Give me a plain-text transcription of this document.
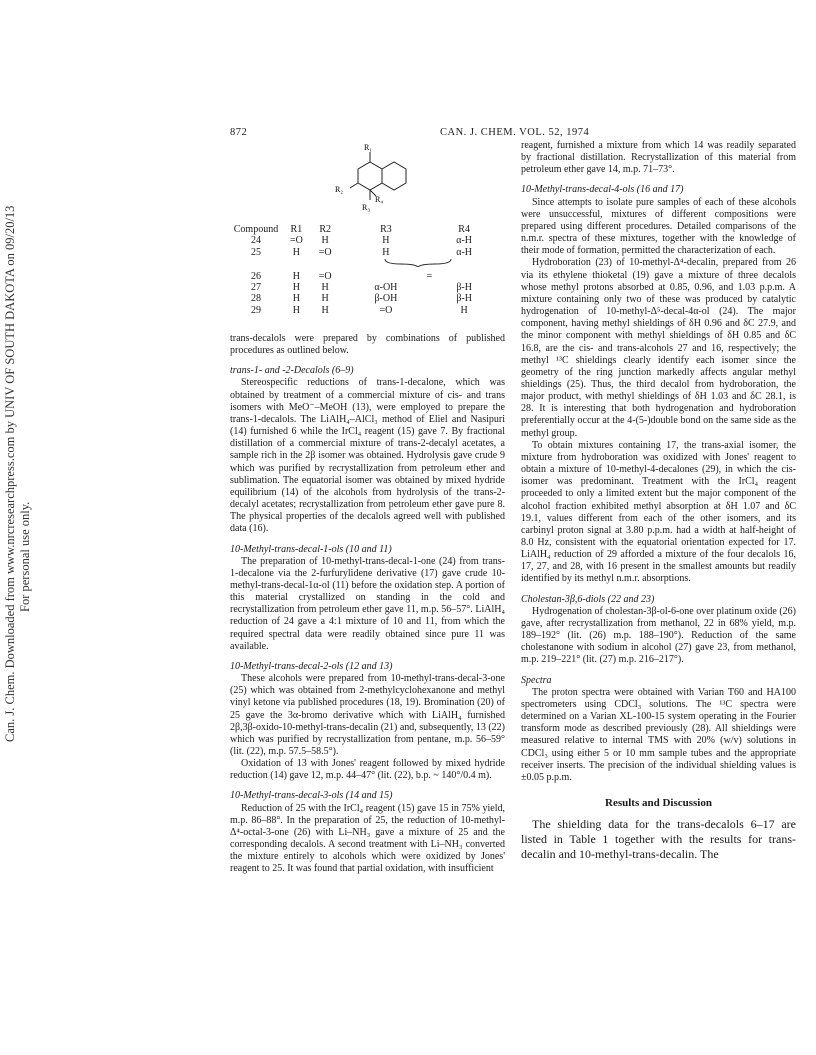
Can. J. Chem. Downloaded from www.nrcresearchpress.com by UNIV OF SOUTH DAKOTA on 09/20/13 For personal use only.
872	CAN. J. CHEM. VOL. 52, 1974
R₁
R₂
R₃
R₄
Compound	R1	R2	R3	R4
24	=O	H	H	α-H
25	H	=O	H	α-H

26	H	=O	=	
27	H	H	α-OH	β-H
28	H	H	β-OH	β-H
29	H	H	=O	H

trans-decalols were prepared by combinations of published procedures as outlined below.

trans-1- and -2-Decalols (6–9)

Stereospecific reductions of trans-1-decalone, which was obtained by treatment of a commercial mixture of cis- and trans isomers with MeO⁻–MeOH (13), were employed to prepare the trans-1-decalols. The LiAlH₄–AlCl₃ method of Eliel and Nasipuri (14) furnished 6 while the IrCl₄ reagent (15) gave 7. By fractional distillation of a commercial mixture of trans-2-decalyl acetates, a sample rich in the 2β isomer was obtained. Hydrolysis gave crude 9 which was purified by recrystallization from petroleum ether and sublimation. The equatorial isomer was obtained by mixed hydride equilibrium (14) of the alcohols from hydrolysis of the trans-2-decalyl acetates; recrystallization from petroleum ether gave pure 8. The physical properties of the decalols agreed well with published data (16).

10-Methyl-trans-decal-1-ols (10 and 11)

The preparation of 10-methyl-trans-decal-1-one (24) from trans-1-decalone via the 2-furfurylidene derivative (17) gave crude 10-methyl-trans-decal-1α-ol (11) before the oxidation step. A portion of this material crystallized on standing in the cold and recrystallization from petroleum ether gave 11, m.p. 56–57°. LiAlH₄ reduction of 24 gave a 4:1 mixture of 10 and 11, from which the required spectral data were readily obtained since pure 11 was available.

10-Methyl-trans-decal-2-ols (12 and 13)

These alcohols were prepared from 10-methyl-trans-decal-3-one (25) which was obtained from 2-methylcyclohexanone and methyl vinyl ketone via published procedures (18, 19). Bromination (20) of 25 gave the 3α-bromo derivative which with LiAlH₄ furnished 2β,3β-oxido-10-methyl-trans-decalin (21) and, subsequently, 13 (22) which was purified by recrystallization from pentane, m.p. 56–59° (lit. (22), m.p. 57.5–58.5°).

Oxidation of 13 with Jones' reagent followed by mixed hydride reduction (14) gave 12, m.p. 44–47° (lit. (22), b.p. ~ 140°/0.4 m).

10-Methyl-trans-decal-3-ols (14 and 15)

Reduction of 25 with the IrCl₄ reagent (15) gave 15 in 75% yield, m.p. 86–88°. In the preparation of 25, the reduction of 10-methyl-Δ⁴-octal-3-one (26) with Li–NH₃ gave a mixture of 25 and the corresponding decalols. A second treatment with Li–NH₃ converted the mixture entirely to alcohols which were oxidized by Jones' reagent to 25. It was found that partial oxidation, with insufficient

reagent, furnished a mixture from which 14 was readily separated by fractional distillation. Recrystallization of this material from petroleum ether gave 14, m.p. 71–73°.

10-Methyl-trans-decal-4-ols (16 and 17)

Since attempts to isolate pure samples of each of these alcohols were unsuccessful, mixtures of different compositions were prepared using different procedures. Detailed comparisons of the n.m.r. spectra of these mixtures, together with the knowledge of their mode of formation, permitted the characterization of each.

Hydroboration (23) of 10-methyl-Δ⁴-decalin, prepared from 26 via its ethylene thioketal (19) gave a mixture of three decalols whose methyl protons absorbed at 0.85, 0.96, and 1.03 p.p.m. A mixture containing only two of these was produced by catalytic hydrogenation of 10-methyl-Δ⁵-decal-4α-ol (24). The major component, having methyl shieldings of δH 0.96 and δC 27.9, and the minor component with methyl shieldings of δH 0.85 and δC 16.8, are the cis- and trans-alcohols 27 and 16, respectively; the methyl ¹³C shieldings clearly identify each isomer since the geometry of the ring junction markedly affects angular methyl shieldings (25). Thus, the third decalol from hydroboration, the major product, with methyl shieldings of δH 1.03 and δC 28.1, is 28. It is interesting that both hydrogenation and hydroboration preferentially occur at the 4-(5-)double bond on the same side as the methyl group.

To obtain mixtures containing 17, the trans-axial isomer, the mixture from hydroboration was oxidized with Jones' reagent to obtain a mixture of 10-methyl-4-decalones (29), in which the cis-isomer was predominant. Treatment with the IrCl₄ reagent proceeded to only a limited extent but the major component of the alcohol fraction exhibited methyl absorption at δH 1.07 and δC 19.1, values different from each of the other isomers, and its carbinyl proton signal at 3.80 p.p.m. had a width at half-height of 8.0 Hz, consistent with the equatorial orientation expected for 17. LiAlH₄ reduction of 29 afforded a mixture of the four decalols 16, 17, 27, and 28, with 16 present in the smallest amounts but readily identified by its methyl n.m.r. absorptions.

Cholestan-3β,6-diols (22 and 23)

Hydrogenation of cholestan-3β-ol-6-one over platinum oxide (26) gave, after recrystallization from methanol, 22 in 68% yield, m.p. 189–192° (lit. (26) m.p. 188–190°). Reduction of the same cholestanone with sodium in alcohol (27) gave 23, from methanol, m.p. 219–221° (lit. (27) m.p. 216–217°).

Spectra

The proton spectra were obtained with Varian T60 and HA100 spectrometers using CDCl₃ solutions. The ¹³C spectra were determined on a Varian XL-100-15 system operating in the Fourier transform mode as described previously (28). All shieldings were measured relative to internal TMS with 20% (w/v) solutions in CDCl₃ using either 5 or 10 mm sample tubes and the appropriate receiver inserts. The precision of the individual shielding values is ±0.05 p.p.m.

Results and Discussion

The shielding data for the trans-decalols 6–17 are listed in Table 1 together with the results for trans-decalin and 10-methyl-trans-decalin. The
